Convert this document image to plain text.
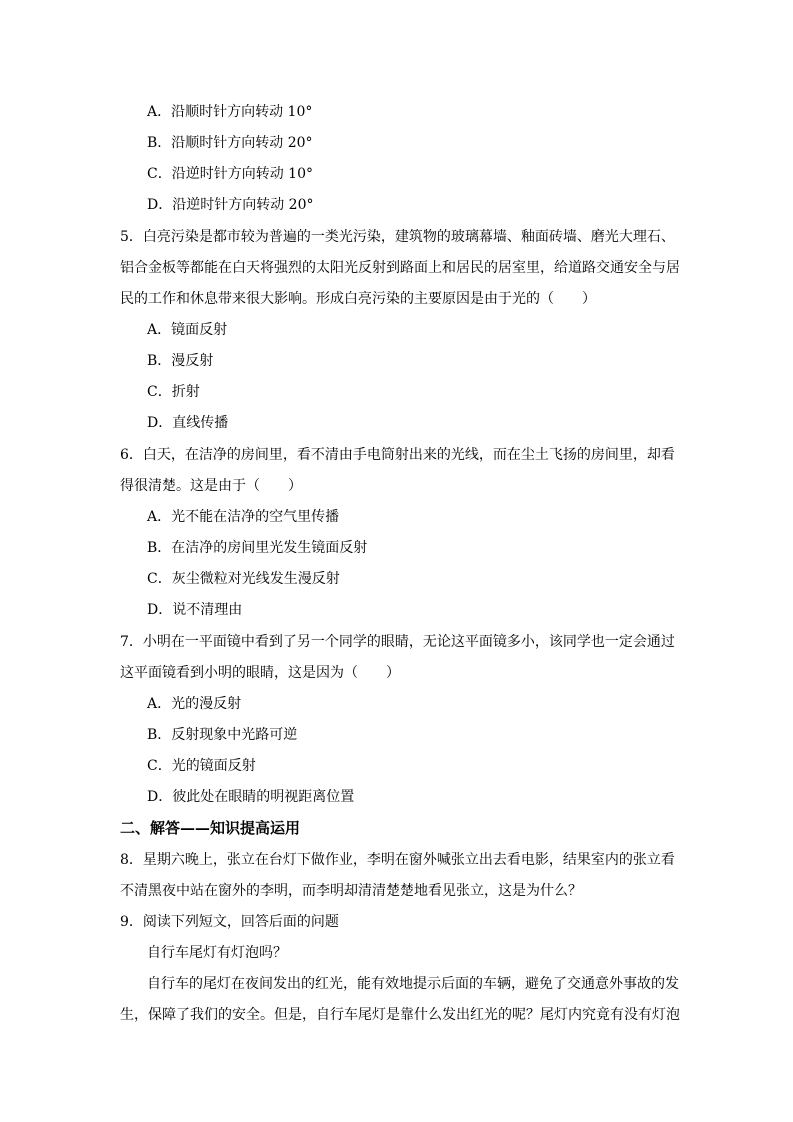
A．沿顺时针方向转动 10°
B．沿顺时针方向转动 20°
C．沿逆时针方向转动 10°
D．沿逆时针方向转动 20°
5．白亮污染是都市较为普遍的一类光污染，建筑物的玻璃幕墙、釉面砖墙、磨光大理石、
铝合金板等都能在白天将强烈的太阳光反射到路面上和居民的居室里，给道路交通安全与居
民的工作和休息带来很大影响。形成白亮污染的主要原因是由于光的（　　）
A．镜面反射
B．漫反射
C．折射
D．直线传播
6．白天，在洁净的房间里，看不清由手电筒射出来的光线，而在尘土飞扬的房间里，却看
得很清楚。这是由于（　　）
A．光不能在洁净的空气里传播
B．在洁净的房间里光发生镜面反射
C．灰尘微粒对光线发生漫反射
D．说不清理由
7．小明在一平面镜中看到了另一个同学的眼睛，无论这平面镜多小，该同学也一定会通过
这平面镜看到小明的眼睛，这是因为（　　）
A．光的漫反射
B．反射现象中光路可逆
C．光的镜面反射
D．彼此处在眼睛的明视距离位置
二、解答——知识提高运用
8．星期六晚上，张立在台灯下做作业，李明在窗外喊张立出去看电影，结果室内的张立看
不清黑夜中站在窗外的李明，而李明却清清楚楚地看见张立，这是为什么？
9．阅读下列短文，回答后面的问题
自行车尾灯有灯泡吗？
自行车的尾灯在夜间发出的红光，能有效地提示后面的车辆，避免了交通意外事故的发
生，保障了我们的安全。但是，自行车尾灯是靠什么发出红光的呢？尾灯内究竟有没有灯泡
